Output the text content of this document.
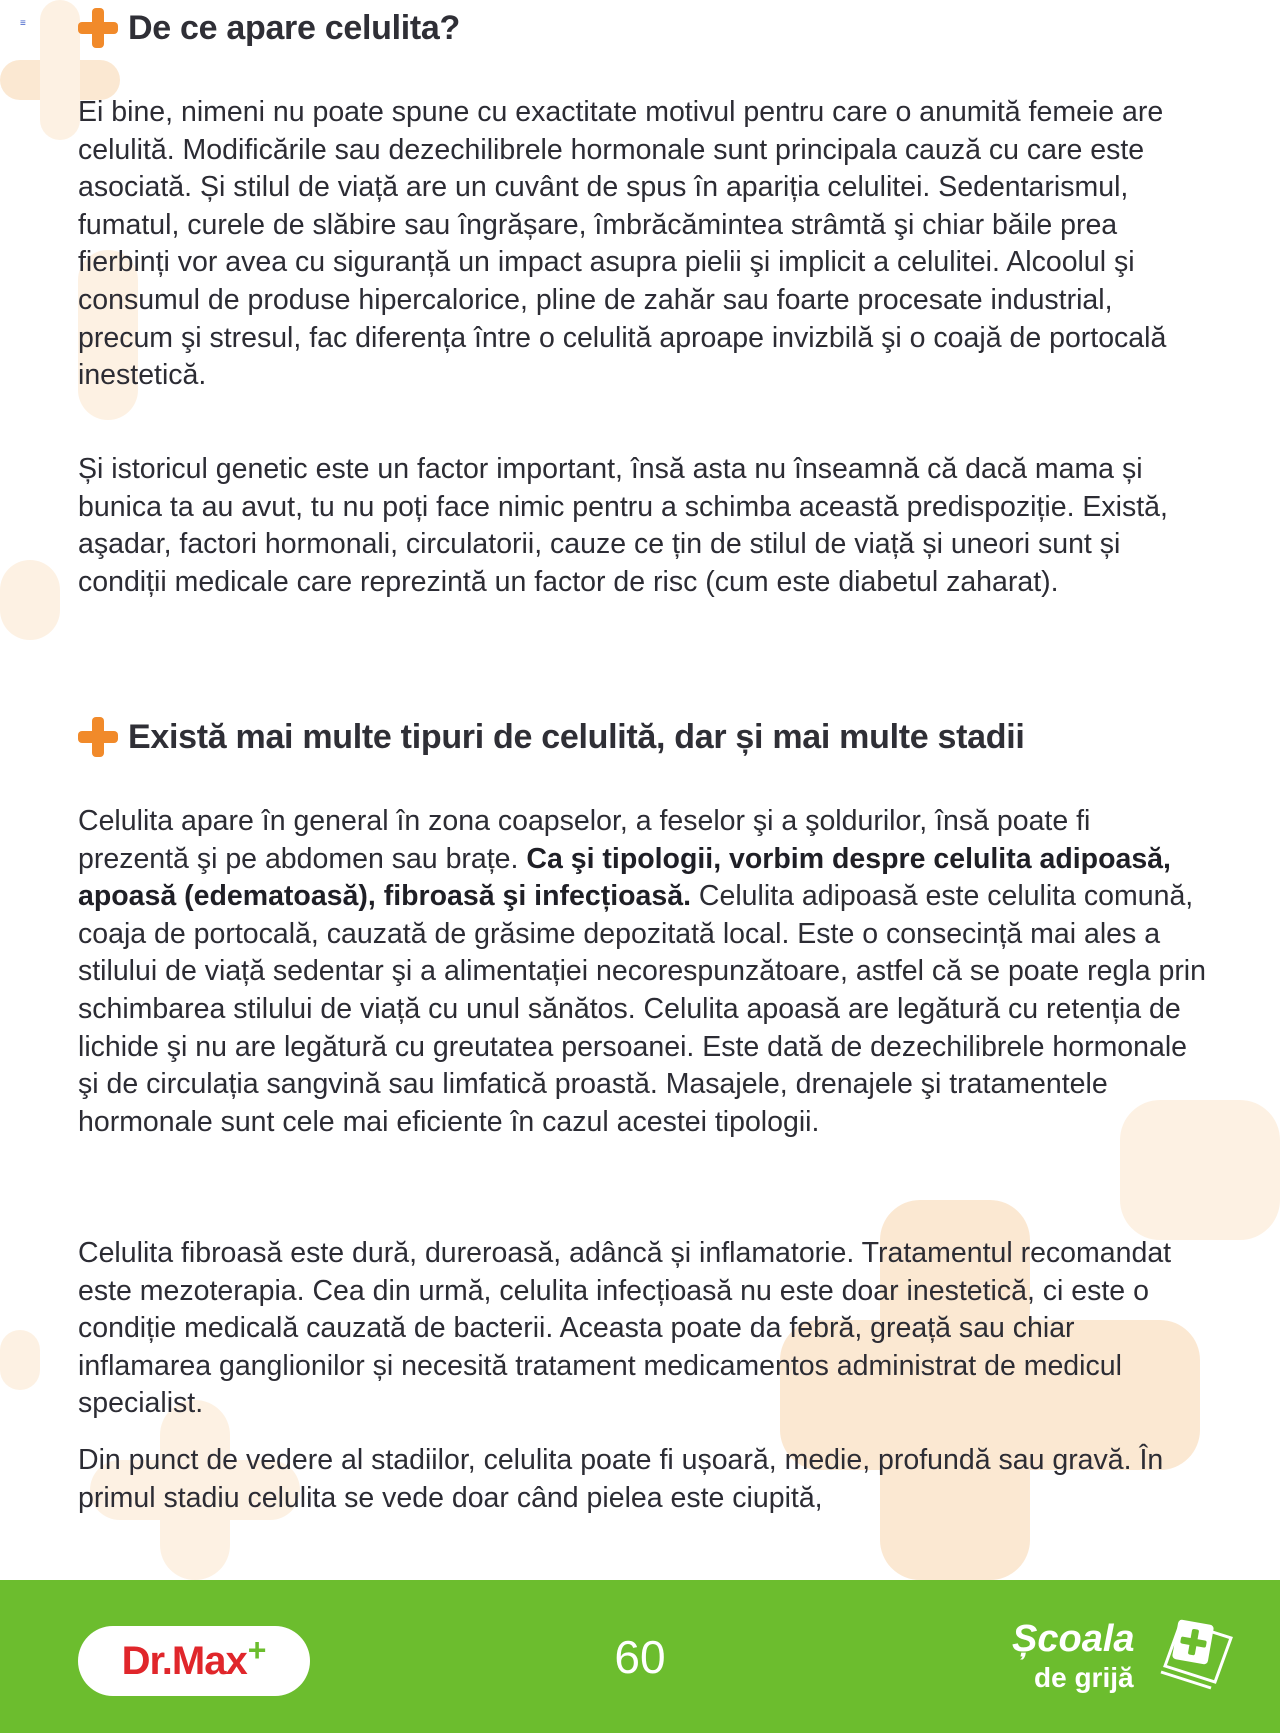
≡	De ce apare celulita?

Ei bine, nimeni nu poate spune cu exactitate motivul pentru care o anumită femeie are celulită. Modificările sau dezechilibrele hormonale sunt principala cauză cu care este asociată. Și stilul de viață are un cuvânt de spus în apariția celulitei. Sedentarismul, fumatul, curele de slăbire sau îngrășare, îmbrăcămintea strâmtă şi chiar băile prea fierbinți vor avea cu siguranță un impact asupra pielii şi implicit a celulitei. Alcoolul şi consumul de produse hipercalorice, pline de zahăr sau foarte procesate industrial, precum şi stresul, fac diferența între o celulită aproape invizbilă şi o coajă de portocală inestetică.

Și istoricul genetic este un factor important, însă asta nu înseamnă că dacă mama și bunica ta au avut, tu nu poți face nimic pentru a schimba această predispoziție. Există, aşadar, factori hormonali, circulatorii, cauze ce țin de stilul de viață și uneori sunt și condiții medicale care reprezintă un factor de risc (cum este diabetul zaharat).

Există mai multe tipuri de celulită, dar și mai multe stadii

Celulita apare în general în zona coapselor, a feselor şi a şoldurilor, însă poate fi prezentă şi pe abdomen sau brațe. Ca şi tipologii, vorbim despre celulita adipoasă, apoasă (edematoasă), fibroasă şi infecțioasă. Celulita adipoasă este celulita comună, coaja de portocală, cauzată de grăsime depozitată local. Este o consecință mai ales a stilului de viață sedentar şi a alimentației necorespunzătoare, astfel că se poate regla prin schimbarea stilului de viață cu unul sănătos. Celulita apoasă are legătură cu retenția de lichide şi nu are legătură cu greutatea persoanei. Este dată de dezechilibrele hormonale şi de circulația sangvină sau limfatică proastă. Masajele, drenajele şi tratamentele hormonale sunt cele mai eficiente în cazul acestei tipologii.

Celulita fibroasă este dură, dureroasă, adâncă și inflamatorie. Tratamentul recomandat este mezoterapia. Cea din urmă, celulita infecțioasă nu este doar inestetică, ci este o condiție medicală cauzată de bacterii. Aceasta poate da febră, greață sau chiar inflamarea ganglionilor și necesită tratament medicamentos administrat de medicul specialist.

Din punct de vedere al stadiilor, celulita poate fi ușoară, medie, profundă sau gravă. În primul stadiu celulita se vede doar când pielea este ciupită,

Dr.Max +	60	Școala
de grijă
